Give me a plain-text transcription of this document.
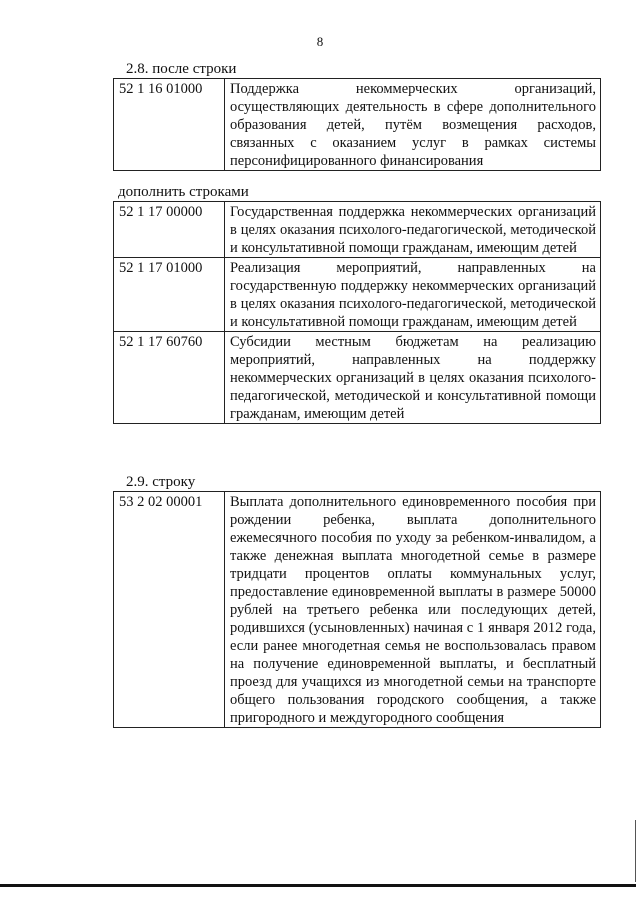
8
2.8. после строки
52 1 16 01000	Поддержка некоммерческих организаций, осуществляющих деятельность в сфере дополнительного образования детей, путём возмещения расходов, связанных с оказанием услуг в рамках системы персонифицированного финансирования
дополнить строками
52 1 17 00000	Государственная поддержка некоммерческих организаций в целях оказания психолого-педагогической, методической и консультативной помощи гражданам, имеющим детей
52 1 17 01000	Реализация мероприятий, направленных на государственную поддержку некоммерческих организаций в целях оказания психолого-педагогической, методической и консультативной помощи гражданам, имеющим детей
52 1 17 60760	Субсидии местным бюджетам на реализацию мероприятий, направленных на поддержку некоммерческих организаций в целях оказания психолого-педагогической, методической и консультативной помощи гражданам, имеющим детей
2.9. строку
53 2 02 00001	Выплата дополнительного единовременного пособия при рождении ребенка, выплата дополнительного ежемесячного пособия по уходу за ребенком-инвалидом, а также денежная выплата многодетной семье в размере тридцати процентов оплаты коммунальных услуг, предоставление единовременной выплаты в размере 50000 рублей на третьего ребенка или последующих детей, родившихся (усыновленных) начиная с 1 января 2012 года, если ранее многодетная семья не воспользовалась правом на получение единовременной выплаты, и бесплатный проезд для учащихся из многодетной семьи на транспорте общего пользования городского сообщения, а также пригородного и междугородного сообщения
